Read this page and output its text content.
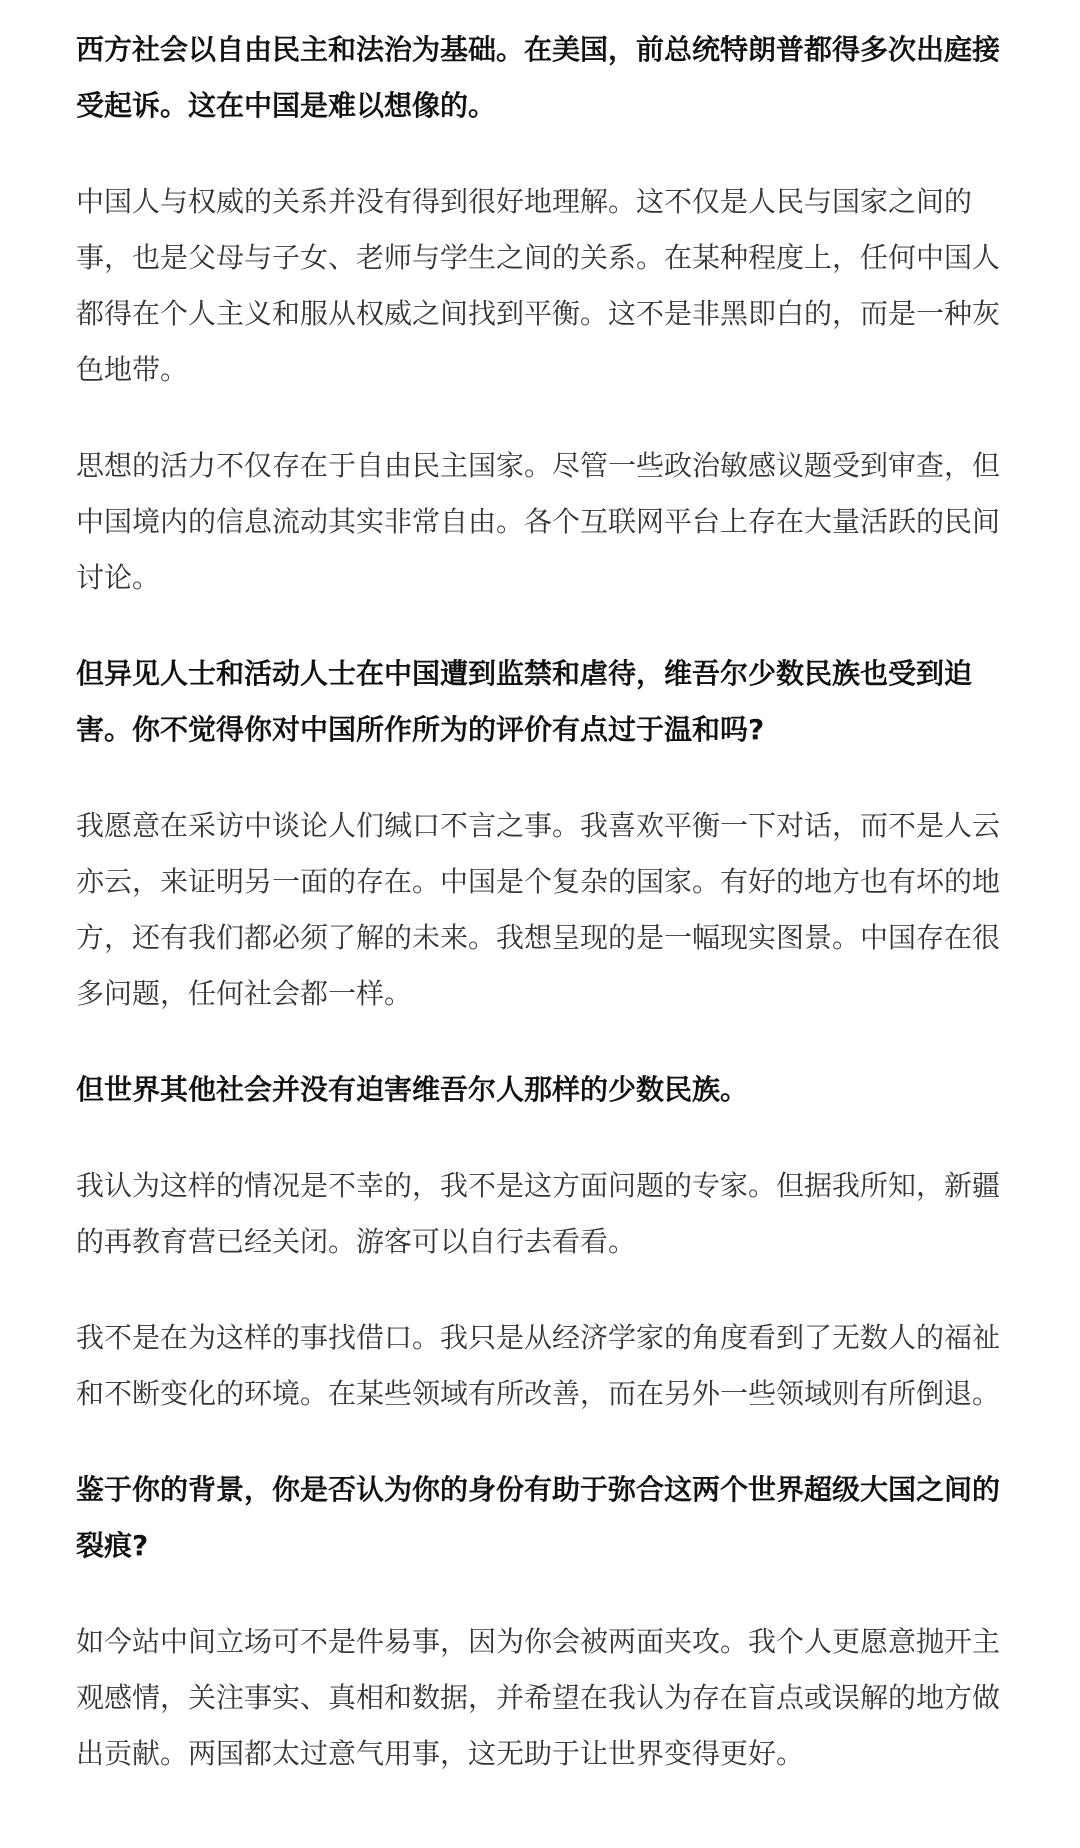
西方社会以自由民主和法治为基础。在美国，前总统特朗普都得多次出庭接受起诉。这在中国是难以想像的。

中国人与权威的关系并没有得到很好地理解。这不仅是人民与国家之间的事，也是父母与子女、老师与学生之间的关系。在某种程度上，任何中国人都得在个人主义和服从权威之间找到平衡。这不是非黑即白的，而是一种灰色地带。

思想的活力不仅存在于自由民主国家。尽管一些政治敏感议题受到审查，但中国境内的信息流动其实非常自由。各个互联网平台上存在大量活跃的民间讨论。

但异见人士和活动人士在中国遭到监禁和虐待，维吾尔少数民族也受到迫害。你不觉得你对中国所作所为的评价有点过于温和吗?

我愿意在采访中谈论人们缄口不言之事。我喜欢平衡一下对话，而不是人云亦云，来证明另一面的存在。中国是个复杂的国家。有好的地方也有坏的地方，还有我们都必须了解的未来。我想呈现的是一幅现实图景。中国存在很多问题，任何社会都一样。

但世界其他社会并没有迫害维吾尔人那样的少数民族。

我认为这样的情况是不幸的，我不是这方面问题的专家。但据我所知，新疆的再教育营已经关闭。游客可以自行去看看。

我不是在为这样的事找借口。我只是从经济学家的角度看到了无数人的福祉和不断变化的环境。在某些领域有所改善，而在另外一些领域则有所倒退。

鉴于你的背景，你是否认为你的身份有助于弥合这两个世界超级大国之间的裂痕?

如今站中间立场可不是件易事，因为你会被两面夹攻。我个人更愿意抛开主观感情，关注事实、真相和数据，并希望在我认为存在盲点或误解的地方做出贡献。两国都太过意气用事，这无助于让世界变得更好。
